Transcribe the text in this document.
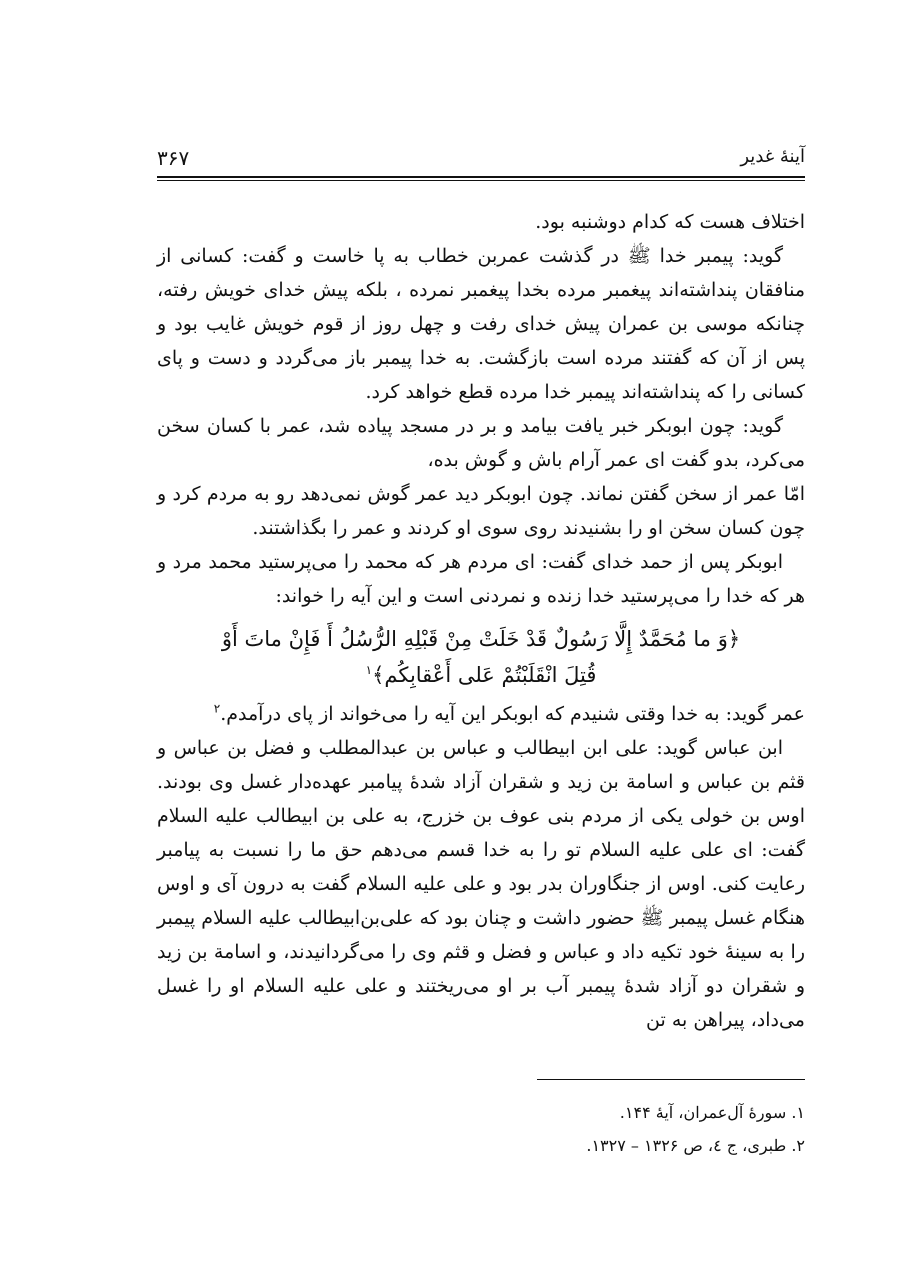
آینهٔ غدیر
۳۶۷

اختلاف هست که کدام دوشنبه بود.

گوید: پیمبر خدا ﷺ در گذشت عمربن خطاب به پا خاست و گفت: کسانی از منافقان پنداشته‌اند پیغمبر مرده بخدا پیغمبر نمرده ، بلکه پیش خدای خویش رفته، چنانکه موسی بن عمران پیش خدای رفت و چهل روز از قوم خویش غایب بود و پس از آن که گفتند مرده است بازگشت. به خدا پیمبر باز می‌گردد و دست و پای کسانی را که پنداشته‌اند پیمبر خدا مرده قطع خواهد کرد.

گوید: چون ابوبکر خبر یافت بیامد و بر در مسجد پیاده شد، عمر با کسان سخن می‌کرد، بدو گفت ای عمر آرام باش و گوش بده،

امّا عمر از سخن گفتن نماند. چون ابوبکر دید عمر گوش نمی‌دهد رو به مردم کرد و چون کسان سخن او را بشنیدند روی سوی او کردند و عمر را بگذاشتند.

ابوبکر پس از حمد خدای گفت: ای مردم هر که محمد را می‌پرستید محمد مرد و هر که خدا را می‌پرستید خدا زنده و نمردنی است و این آیه را خواند:

﴿وَ ما مُحَمَّدٌ إِلَّا رَسُولٌ قَدْ خَلَتْ مِنْ قَبْلِهِ الرُّسُلُ أَ فَإِنْ ماتَ أَوْ

قُتِلَ انْقَلَبْتُمْ عَلی أَعْقابِکُم﴾$^۱$

عمر گوید: به خدا وقتی شنیدم که ابوبکر این آیه را می‌خواند از پای درآمدم.$^۲$

ابن عباس گوید: علی ابن ابیطالب و عباس بن عبدالمطلب و فضل بن عباس و قثم بن عباس و اسامة بن زید و شقران آزاد شدهٔ پیامبر عهده‌دار غسل وی بودند. اوس بن خولی یکی از مردم بنی عوف بن خزرج، به علی بن ابیطالب علیه السلام گفت: ای علی علیه السلام تو را به خدا قسم می‌دهم حق ما را نسبت به پیامبر رعایت کنی. اوس از جنگاوران بدر بود و علی علیه السلام گفت به درون آی و اوس هنگام غسل پیمبر ﷺ حضور داشت و چنان بود که علی‌بن‌ابیطالب علیه السلام پیمبر را به سینهٔ خود تکیه داد و عباس و فضل و قثم وی را می‌گردانیدند، و اسامة بن زید و شقران دو آزاد شدهٔ پیمبر آب بر او می‌ریختند و علی علیه السلام او را غسل می‌داد، پیراهن به تن

۱. سورهٔ آل‌عمران، آیهٔ ۱۴۴.
۲. طبری، ج ٤، ص ۱۳۲۶ – ۱۳۲۷.
